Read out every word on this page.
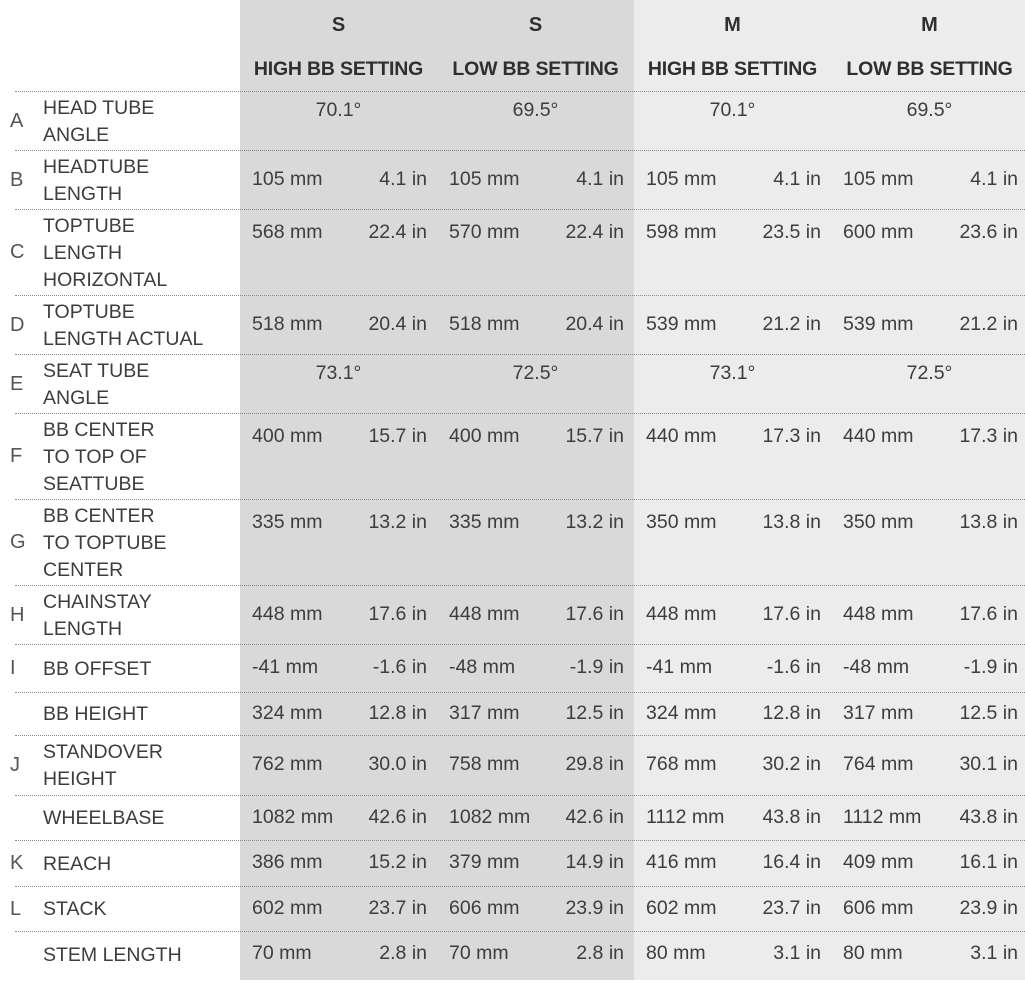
S	S	M	M
HIGH BB SETTING	LOW BB SETTING	HIGH BB SETTING	LOW BB SETTING
A
HEAD TUBE
ANGLE
70.1°	69.5°	70.1°	69.5°
B
HEADTUBE
LENGTH
105 mm	4.1 in 105 mm	4.1 in 105 mm	4.1 in 105 mm	4.1 in
C
TOPTUBE
LENGTH
HORIZONTAL
568 mm	22.4 in 570 mm	22.4 in 598 mm	23.5 in 600 mm	23.6 in
D
TOPTUBE
LENGTH ACTUAL
518 mm	20.4 in 518 mm	20.4 in 539 mm	21.2 in 539 mm	21.2 in
E
SEAT TUBE
ANGLE
73.1°	72.5°	73.1°	72.5°
F
BB CENTER
TO TOP OF
SEATTUBE
400 mm	15.7 in 400 mm	15.7 in 440 mm	17.3 in 440 mm	17.3 in
G
BB CENTER
TO TOPTUBE
CENTER
335 mm	13.2 in 335 mm	13.2 in 350 mm	13.8 in 350 mm	13.8 in
H
CHAINSTAY
LENGTH
448 mm	17.6 in 448 mm	17.6 in 448 mm	17.6 in 448 mm	17.6 in
I BB OFFSET	-41 mm	-1.6 in -48 mm	-1.9 in -41 mm	-1.6 in -48 mm	-1.9 in
BB HEIGHT	324 mm	12.8 in 317 mm	12.5 in 324 mm	12.8 in 317 mm	12.5 in
J
STANDOVER
HEIGHT
762 mm	30.0 in 758 mm	29.8 in 768 mm	30.2 in 764 mm	30.1 in
WHEELBASE	1082 mm	42.6 in 1082 mm	42.6 in 1112 mm	43.8 in 1112 mm	43.8 in
K REACH	386 mm	15.2 in 379 mm	14.9 in 416 mm	16.4 in 409 mm	16.1 in
L STACK	602 mm	23.7 in 606 mm	23.9 in 602 mm	23.7 in 606 mm	23.9 in
STEM LENGTH	70 mm	2.8 in 70 mm	2.8 in 80 mm	3.1 in 80 mm	3.1 in
